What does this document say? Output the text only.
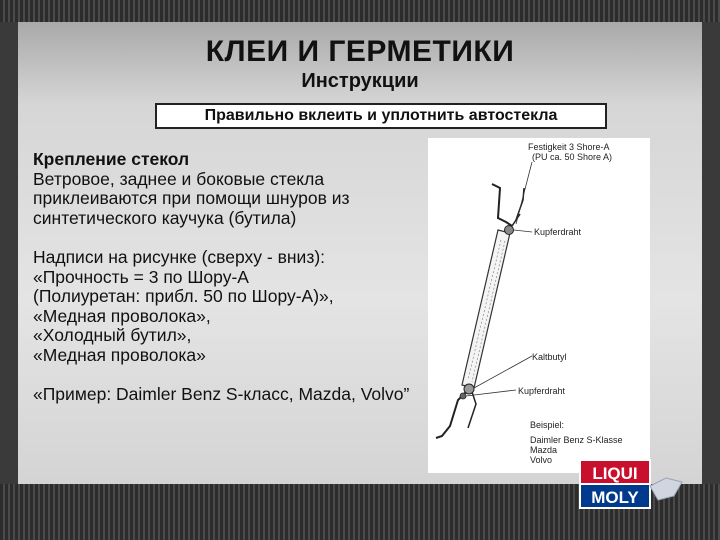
КЛЕИ И ГЕРМЕТИКИ
Инструкции
Правильно вклеить и уплотнить автостекла
Крепление стекол
Ветровое, заднее и боковые стекла приклеиваются при помощи шнуров из синтетического каучука (бутила)
Надписи на рисунке (сверху - вниз):
«Прочность = 3 по Шору-А
(Полиуретан: прибл. 50 по Шору-А)»,
«Медная проволока»,
«Холодный бутил»,
«Медная проволока»
«Пример: Daimler Benz S-класс, Mazda, Volvo”
Festigkeit 3 Shore-A
(PU ca. 50 Shore A)
Kupferdraht
Kaltbutyl
Kupferdraht
Beispiel:
Daimler Benz S-Klasse
Mazda
Volvo
LIQUI
MOLY
